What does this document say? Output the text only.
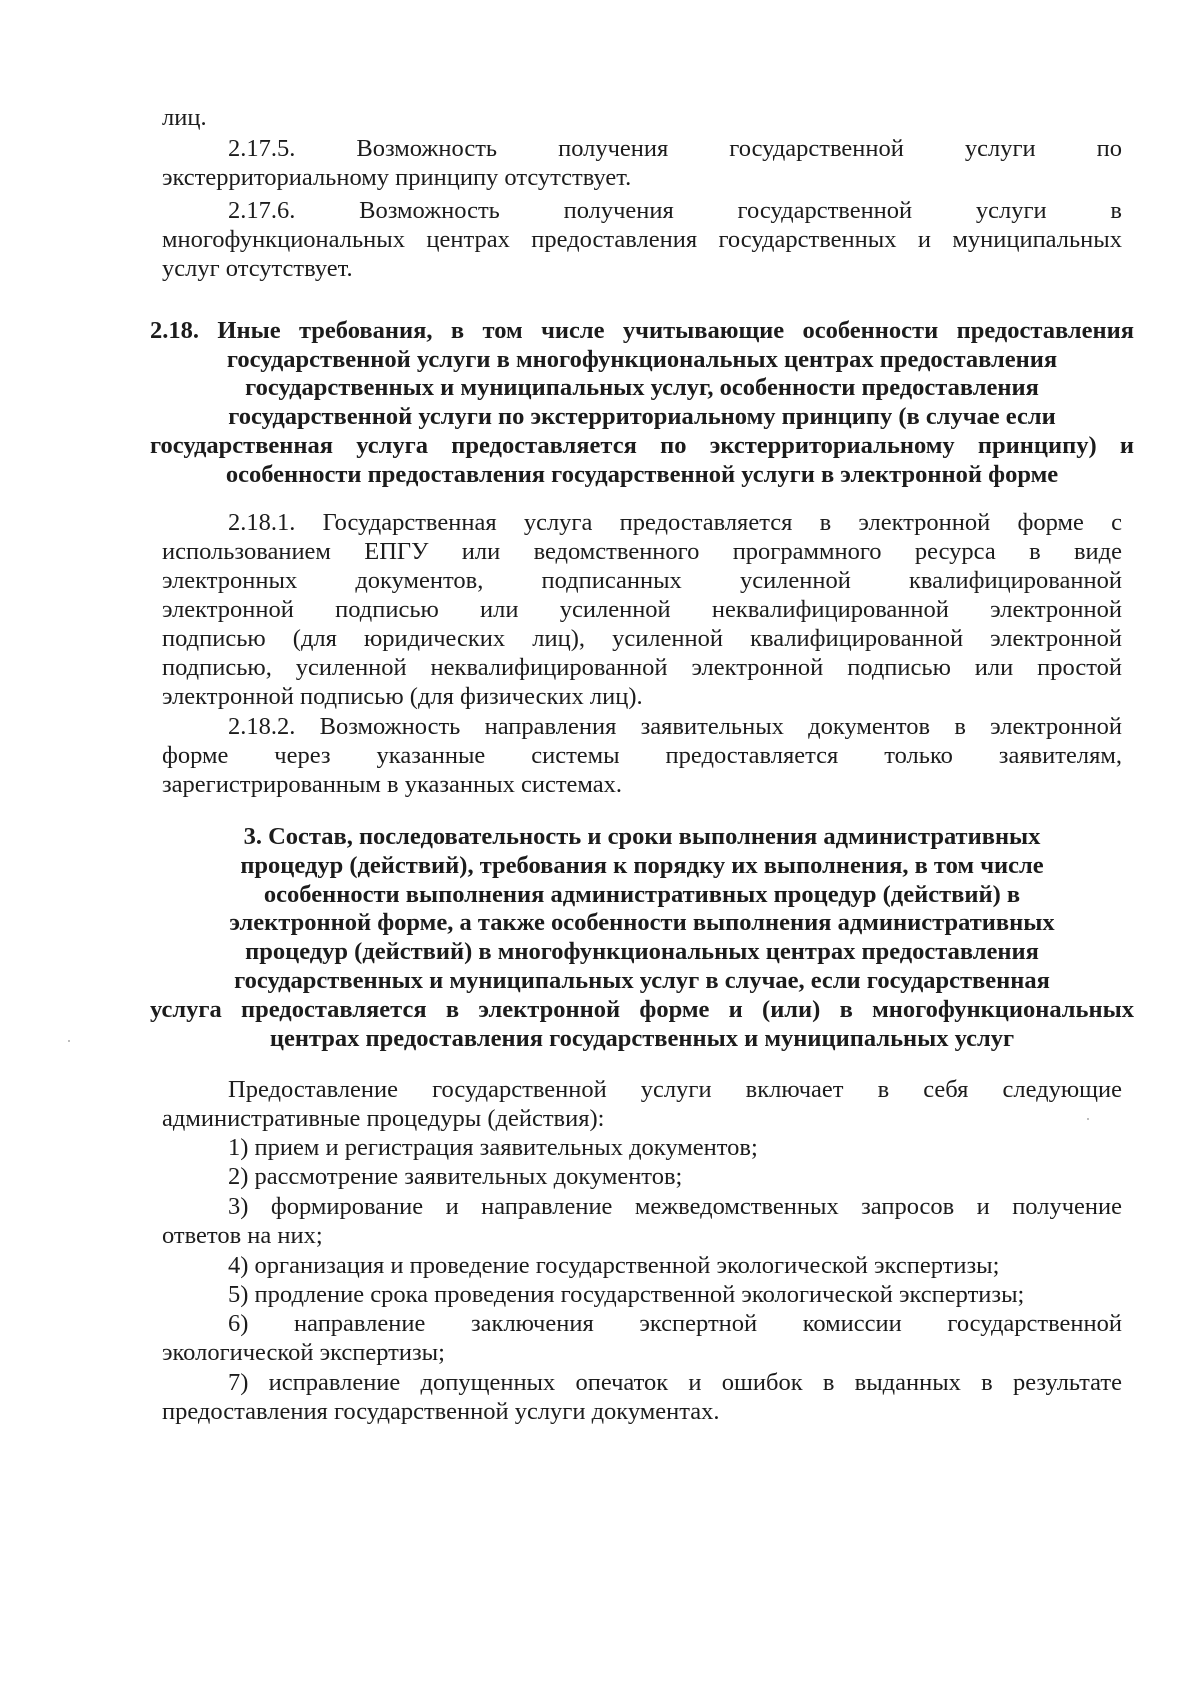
лиц.
2.17.5. Возможность получения государственной услуги по
экстерриториальному принципу отсутствует.
2.17.6. Возможность получения государственной услуги в
многофункциональных центрах предоставления государственных и муниципальных
услуг отсутствует.
2.18. Иные требования, в том числе учитывающие особенности предоставления
государственной услуги в многофункциональных центрах предоставления
государственных и муниципальных услуг, особенности предоставления
государственной услуги по экстерриториальному принципу (в случае если
государственная услуга предоставляется по экстерриториальному принципу) и
особенности предоставления государственной услуги в электронной форме
2.18.1. Государственная услуга предоставляется в электронной форме с
использованием ЕПГУ или ведомственного программного ресурса в виде
электронных документов, подписанных усиленной квалифицированной
электронной подписью или усиленной неквалифицированной электронной
подписью (для юридических лиц), усиленной квалифицированной электронной
подписью, усиленной неквалифицированной электронной подписью или простой
электронной подписью (для физических лиц).
2.18.2. Возможность направления заявительных документов в электронной
форме через указанные системы предоставляется только заявителям,
зарегистрированным в указанных системах.
3. Состав, последовательность и сроки выполнения административных
процедур (действий), требования к порядку их выполнения, в том числе
особенности выполнения административных процедур (действий) в
электронной форме, а также особенности выполнения административных
процедур (действий) в многофункциональных центрах предоставления
государственных и муниципальных услуг в случае, если государственная
услуга предоставляется в электронной форме и (или) в многофункциональных
центрах предоставления государственных и муниципальных услуг
Предоставление государственной услуги включает в себя следующие
административные процедуры (действия):
1) прием и регистрация заявительных документов;
2) рассмотрение заявительных документов;
3) формирование и направление межведомственных запросов и получение
ответов на них;
4) организация и проведение государственной экологической экспертизы;
5) продление срока проведения государственной экологической экспертизы;
6) направление заключения экспертной комиссии государственной
экологической экспертизы;
7) исправление допущенных опечаток и ошибок в выданных в результате
предоставления государственной услуги документах.
